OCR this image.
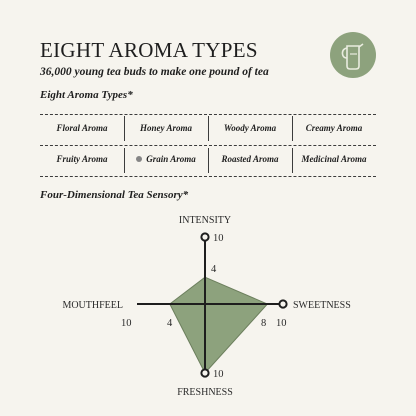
EIGHT AROMA TYPES
36,000 young tea buds to make one pound of tea
Eight Aroma Types*
Floral Aroma	Honey Aroma	Woody Aroma	Creamy Aroma
Fruity Aroma	Grain Aroma	Roasted Aroma	Medicinal Aroma
Four-Dimensional Tea Sensory*
INTENSITY
10
4
SWEETNESS
8 10
FRESHNESS
10
MOUTHFEEL
10	4
